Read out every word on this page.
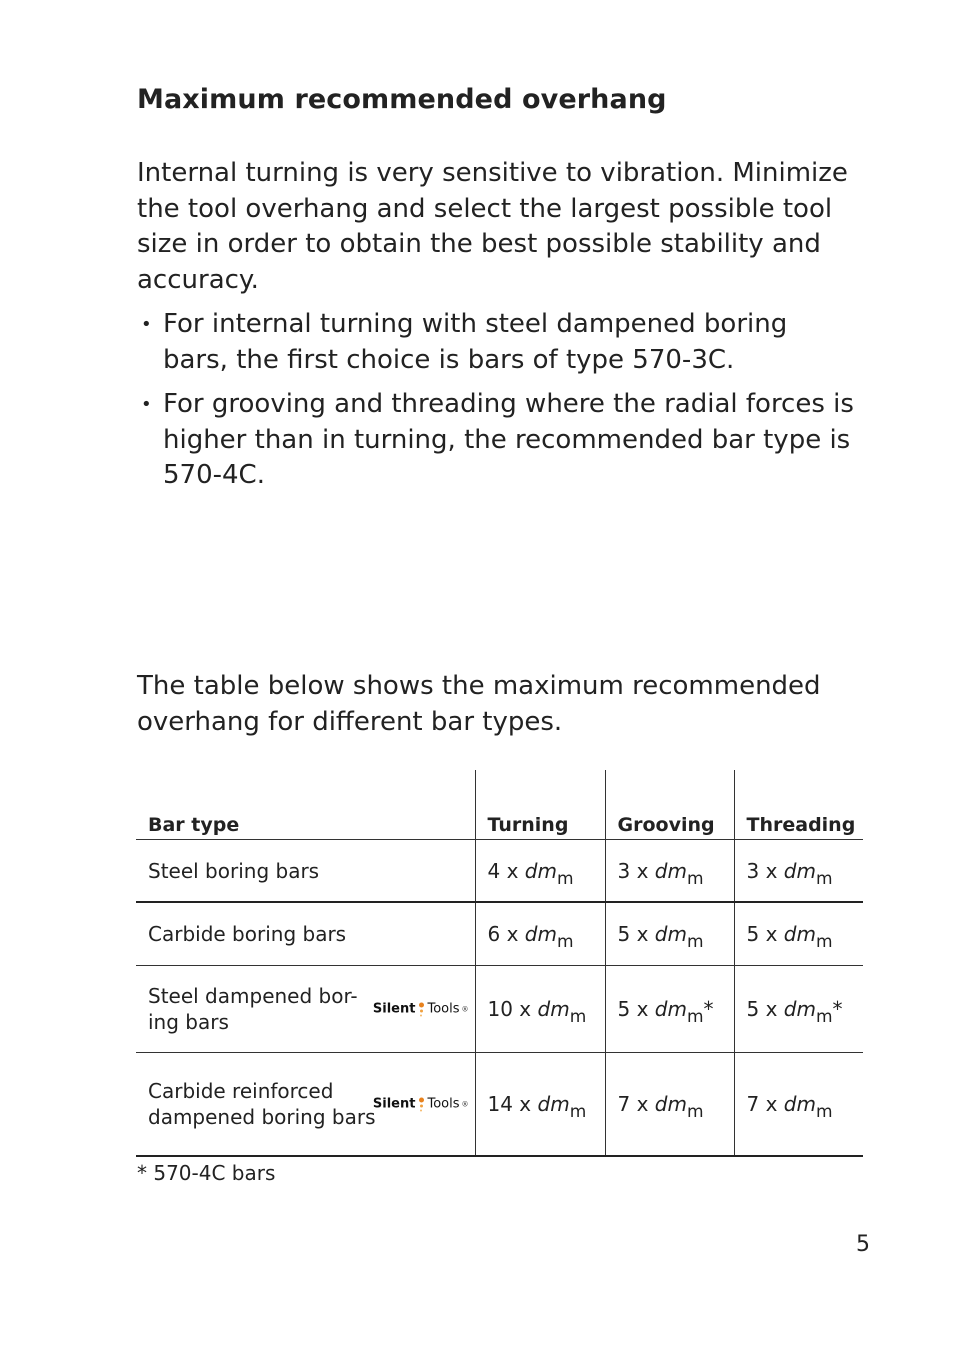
Maximum recommended overhang

Internal turning is very sensitive to vibration. Minimize the tool overhang and select the largest possible tool size in order to obtain the best possible stability and accuracy.

• For internal turning with steel dampened boring bars, the first choice is bars of type 570-3C.
• For grooving and threading where the radial forces is higher than in turning, the recommended bar type is 570-4C.

The table below shows the maximum recommended overhang for different bar types.

Bar type	Turning	Grooving	Threading
Steel boring bars	4 x $dm_m$	3 x $dm_m$	3 x $dm_m$
Carbide boring bars	6 x $dm_m$	5 x $dm_m$	5 x $dm_m$
Steel dampened bor-
ing bars
Silent Tools ®	10 x $dm_m$	5 x $dm_m*$	5 x $dm_m*$
Carbide reinforced
dampened boring bars
Silent Tools ®	14 x $dm_m$	7 x $dm_m$	7 x $dm_m$

* 570-4C bars

5
